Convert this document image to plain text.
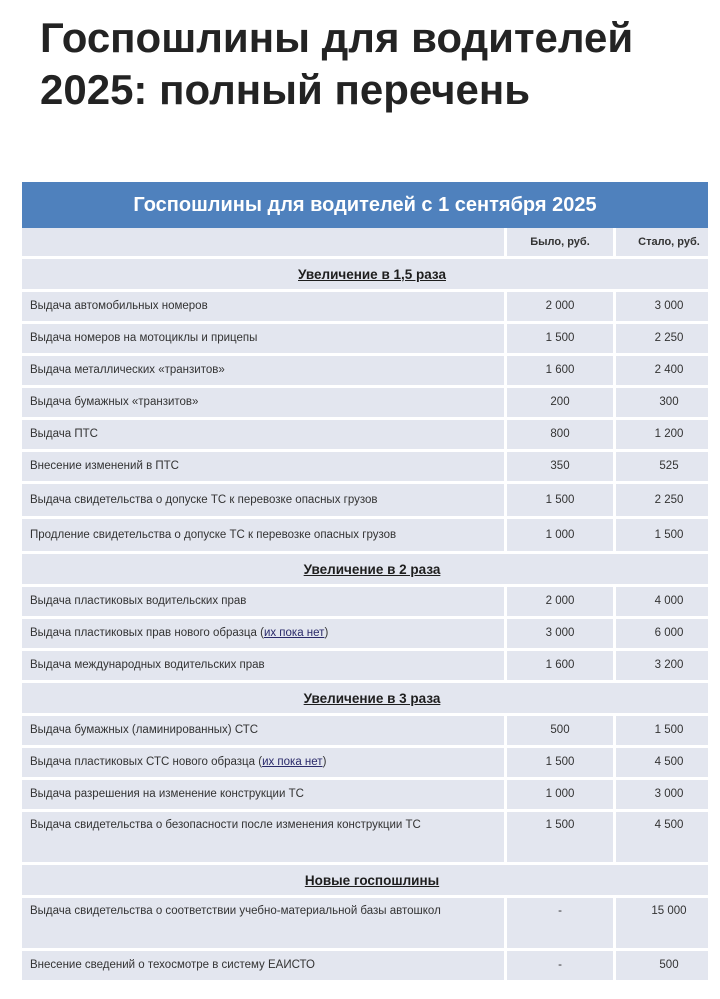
Госпошлины для водителей 2025: полный перечень
Госпошлины для водителей с 1 сентября 2025
	Было, руб.	Стало, руб.
Увеличение в 1,5 раза		
Выдача автомобильных номеров	2 000	3 000
Выдача номеров на мотоциклы и прицепы	1 500	2 250
Выдача металлических «транзитов»	1 600	2 400
Выдача бумажных «транзитов»	200	300
Выдача ПТС	800	1 200
Внесение изменений в ПТС	350	525
Выдача свидетельства о допуске ТС к перевозке опасных грузов	1 500	2 250
Продление свидетельства о допуске ТС к перевозке опасных грузов	1 000	1 500
Увеличение в 2 раза		
Выдача пластиковых водительских прав	2 000	4 000
Выдача пластиковых прав нового образца (их пока нет)	3 000	6 000
Выдача международных водительских прав	1 600	3 200
Увеличение в 3 раза		
Выдача бумажных (ламинированных) СТС	500	1 500
Выдача пластиковых СТС нового образца (их пока нет)	1 500	4 500
Выдача разрешения на изменение конструкции ТС	1 000	3 000
Выдача свидетельства о безопасности после изменения конструкции ТС	1 500	4 500
Новые госпошлины		
Выдача свидетельства о соответствии учебно-материальной базы автошкол	-	15 000
Внесение сведений о техосмотре в систему ЕАИСТО	-	500
